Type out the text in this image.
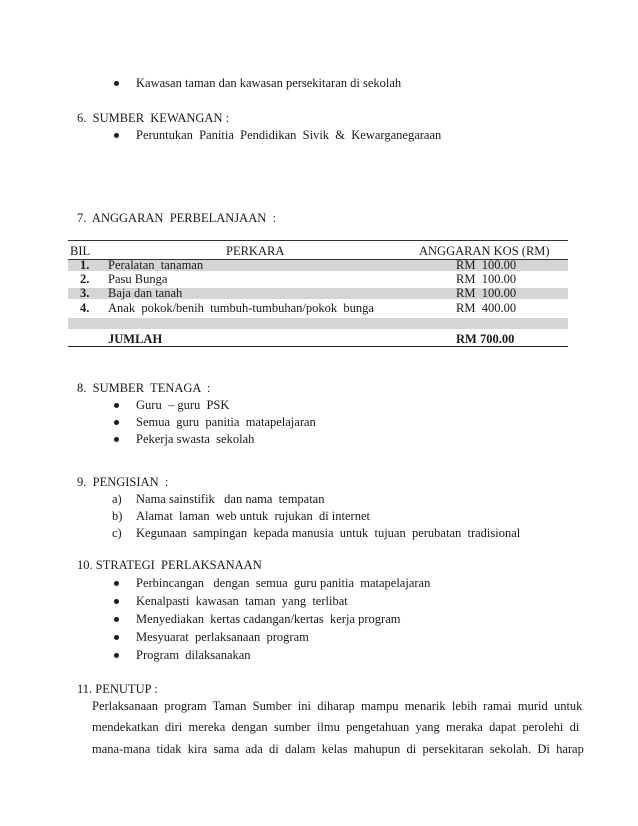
Kawasan taman dan kawasan persekitaran di sekolah
6.  SUMBER  KEWANGAN :
Peruntukan  Panitia  Pendidikan  Sivik  &  Kewarganegaraan
7.  ANGGARAN  PERBELANJAAN  :
BIL	PERKARA	ANGGARAN KOS (RM)
1. Peralatan  tanaman	RM  100.00
2. Pasu Bunga	RM  100.00
3. Baja dan tanah	RM  100.00
4. Anak  pokok/benih  tumbuh-tumbuhan/pokok  bunga	RM  400.00
JUMLAH	RM 700.00
8.  SUMBER  TENAGA  :
Guru  – guru  PSK
Semua  guru  panitia  matapelajaran
Pekerja swasta  sekolah
9.  PENGISIAN  :
a) Nama sainstifik   dan nama  tempatan
b) Alamat  laman  web untuk  rujukan  di internet
c) Kegunaan  sampingan  kepada manusia  untuk  tujuan  perubatan  tradisional
10. STRATEGI  PERLAKSANAAN
Perbincangan   dengan  semua  guru panitia  matapelajaran
Kenalpasti  kawasan  taman  yang  terlibat
Menyediakan  kertas cadangan/kertas  kerja program
Mesyuarat  perlaksanaan  program
Program  dilaksanakan
11. PENUTUP :
Perlaksanaan  program  Taman  Sumber  ini  diharap  mampu  menarik  lebih  ramai  murid  untuk
mendekatkan  diri  mereka  dengan  sumber  ilmu  pengetahuan  yang  meraka  dapat  perolehi  di
mana-mana  tidak  kira  sama  ada  di  dalam  kelas  mahupun  di  persekitaran  sekolah.  Di  harap
